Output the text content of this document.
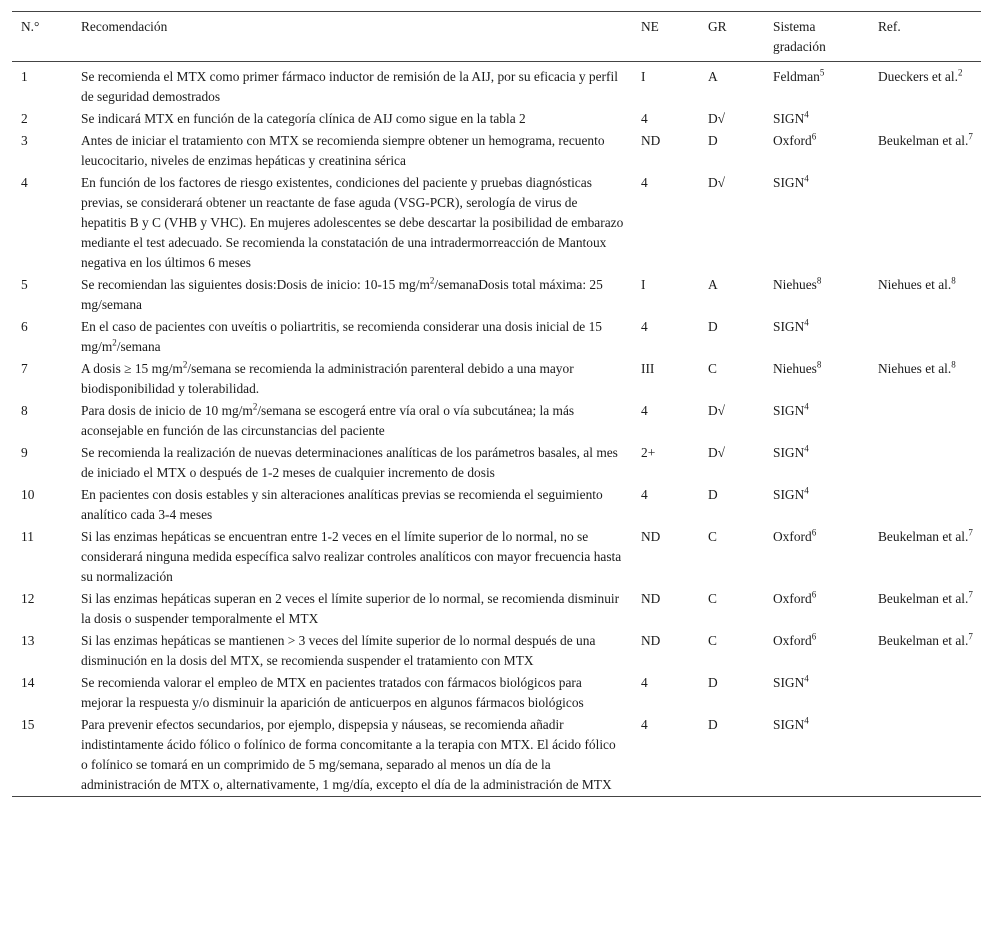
N.°	Recomendación	NE	GR	Sistema gradación	Ref.
1	Se recomienda el MTX como primer fármaco inductor de remisión de la AIJ, por su eficacia y perfil de seguridad demostrados	I	A	Feldman$^5$	Dueckers et al.$^2$
2	Se indicará MTX en función de la categoría clínica de AIJ como sigue en la tabla 2	4	D√	SIGN$^4$	
3	Antes de iniciar el tratamiento con MTX se recomienda siempre obtener un hemograma, recuento leucocitario, niveles de enzimas hepáticas y creatinina sérica	ND	D	Oxford$^6$	Beukelman et al.$^7$
4	En función de los factores de riesgo existentes, condiciones del paciente y pruebas diagnósticas previas, se considerará obtener un reactante de fase aguda (VSG-PCR), serología de virus de hepatitis B y C (VHB y VHC). En mujeres adolescentes se debe descartar la posibilidad de embarazo mediante el test adecuado. Se recomienda la constatación de una intradermorreacción de Mantoux negativa en los últimos 6 meses	4	D√	SIGN$^4$	
5	Se recomiendan las siguientes dosis:Dosis de inicio: 10-15 $mg/m^2$/semanaDosis total máxima: 25 mg/semana	I	A	Niehues$^8$	Niehues et al.$^8$
6	En el caso de pacientes con uveítis o poliartritis, se recomienda considerar una dosis inicial de 15 $mg/m^2$/semana	4	D	SIGN$^4$	
7	A dosis ≥ 15 $mg/m^2$/semana se recomienda la administración parenteral debido a una mayor biodisponibilidad y tolerabilidad.	III	C	Niehues$^8$	Niehues et al.$^8$
8	Para dosis de inicio de 10 $mg/m^2$/semana se escogerá entre vía oral o vía subcutánea; la más aconsejable en función de las circunstancias del paciente	4	D√	SIGN$^4$	
9	Se recomienda la realización de nuevas determinaciones analíticas de los parámetros basales, al mes de iniciado el MTX o después de 1-2 meses de cualquier incremento de dosis	2+	D√	SIGN$^4$	
10	En pacientes con dosis estables y sin alteraciones analíticas previas se recomienda el seguimiento analítico cada 3-4 meses	4	D	SIGN$^4$	
11	Si las enzimas hepáticas se encuentran entre 1-2 veces en el límite superior de lo normal, no se considerará ninguna medida específica salvo realizar controles analíticos con mayor frecuencia hasta su normalización	ND	C	Oxford$^6$	Beukelman et al.$^7$
12	Si las enzimas hepáticas superan en 2 veces el límite superior de lo normal, se recomienda disminuir la dosis o suspender temporalmente el MTX	ND	C	Oxford$^6$	Beukelman et al.$^7$
13	Si las enzimas hepáticas se mantienen > 3 veces del límite superior de lo normal después de una disminución en la dosis del MTX, se recomienda suspender el tratamiento con MTX	ND	C	Oxford$^6$	Beukelman et al.$^7$
14	Se recomienda valorar el empleo de MTX en pacientes tratados con fármacos biológicos para mejorar la respuesta y/o disminuir la aparición de anticuerpos en algunos fármacos biológicos	4	D	SIGN$^4$	
15	Para prevenir efectos secundarios, por ejemplo, dispepsia y náuseas, se recomienda añadir indistintamente ácido fólico o folínico de forma concomitante a la terapia con MTX. El ácido fólico o folínico se tomará en un comprimido de 5 mg/semana, separado al menos un día de la administración de MTX o, alternativamente, 1 mg/día, excepto el día de la administración de MTX	4	D	SIGN$^4$	
